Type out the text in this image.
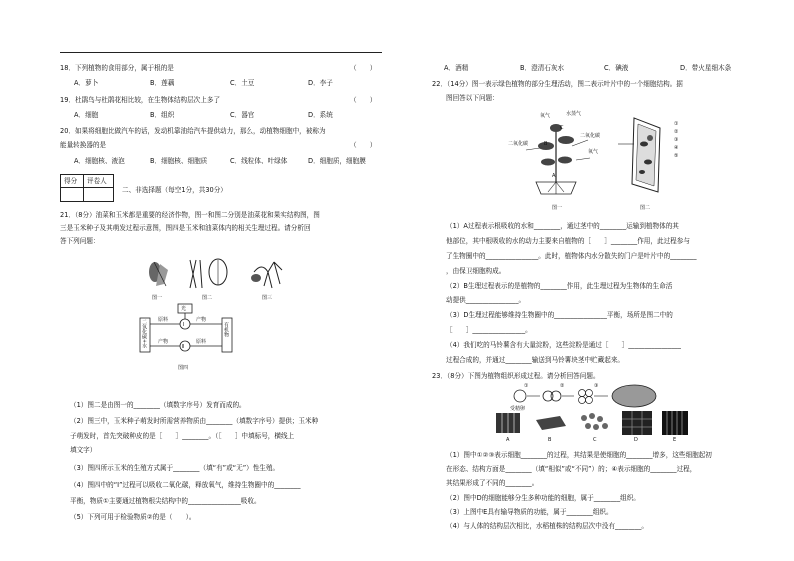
18．下列植物的食用部分，属于根的是	（　　）
A．萝卜	B．莲藕	C．土豆	D．李子
19．杜鹃鸟与杜鹃花相比较，在生物体结构层次上多了	（　　）
A．细胞	B．组织	C．器官	D．系统
20．如果将细胞比做汽车的话，发动机靠油给汽车提供动力，那么，动植物细胞中，被称为
能量转换器的是	（　　）
A．细胞核、液泡	B．细胞核、细胞质	C．线粒体、叶绿体	D．细胞质，细胞膜
得分 评卷人
二、非选择题（每空1分，共30分）
21．（8分）油菜和玉米都是重要的经济作物，图一和图二分别是油菜花和果实结构图，图
三是玉米种子及其萌发过程示意图，图四是玉米和油菜体内的相关生理过程。请分析回
答下列问题：
图一	图二	图三
光
Ⅰ
Ⅱ
产物
原料
产物	原料
二氧化碳+水	有机物
图四
（1）图二是由图一的________（填数字序号）发育而成的。
（2）图三中，玉米种子萌发时所需营养物质由________（填数字序号）提供；玉米种
子萌发时，首先突破种皮的是［　　］________。（［　　］中填标号，横线上
填文字）
（3）图四所示玉米的生殖方式属于________（填“有”或“无”）性生殖。
（4）图四中的“Ⅰ”过程可以吸收二氧化碳，释放氧气，维持生物圈中的________
平衡，物质①主要通过植物根尖结构中的________________吸收。
（5）下列可用于检验物质②的是（　　）。
A．酒精	B．澄清石灰水	C．碘液	D．带火星细木条
22．（14分）图一表示绿色植物的部分生理活动，图二表示叶片中的一个细胞结构。据
图回答以下问题：
氧气	水蒸气
二氧化碳
二氧化碳
氧气
A
B
C
图一
①
②
③
④
⑤
图二
（1）A过程表示根吸收的水和________，通过茎中的________运输到植物体的其
他部位，其中根吸收的水的动力主要来自植物的［　　］________作用，此过程参与
了生物圈中的________________。此时，植物体内水分散失的门户是叶片中的________
，由保卫细胞构成。
（2）B生理过程表示的是植物的________作用，此生理过程为生物体的生命活
动提供________________。
（3）D生理过程能够维持生物圈中的________________平衡，场所是图二中的
［　　］________________。
（4）我们吃的马铃薯含有大量淀粉，这些淀粉是通过［　　］________________
过程合成的，并通过________输送到马铃薯块茎中贮藏起来。
23．（8分）下图为植物组织形成过程。请分析回答问题。
①	②	③
受精卵
A	B	C	D	E
（1）图中①②③表示细胞________的过程，其结果是使细胞的________增多，这些细胞起初
在形态、结构方面是________（填“相似”或“不同”）的；④表示细胞的________过程，
其结果形成了不同的________。
（2）图中D的细胞能够分生多种功能的细胞，属于________组织。
（3）上图中E具有输导物质的功能，属于________组织。
（4）与人体的结构层次相比，水稻植株的结构层次中没有________。
